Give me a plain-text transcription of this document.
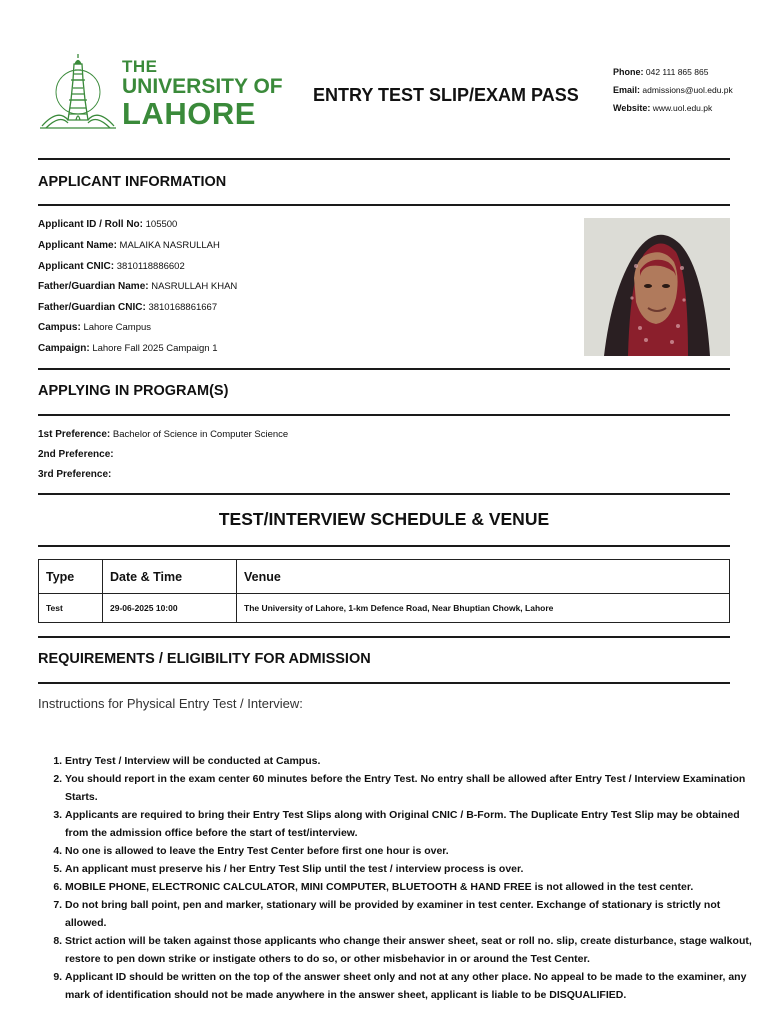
THE
UNIVERSITY OF
LAHORE
ENTRY TEST SLIP/EXAM PASS
Phone: 042 111 865 865
Email: admissions@uol.edu.pk
Website: www.uol.edu.pk
APPLICANT INFORMATION
Applicant ID / Roll No: 105500
Applicant Name: MALAIKA NASRULLAH
Applicant CNIC: 3810118886602
Father/Guardian Name: NASRULLAH KHAN
Father/Guardian CNIC: 3810168861667
Campus: Lahore Campus
Campaign: Lahore Fall 2025 Campaign 1
APPLYING IN PROGRAM(S)
1st Preference: Bachelor of Science in Computer Science
2nd Preference:
3rd Preference:
TEST/INTERVIEW SCHEDULE & VENUE
Type	Date & Time	Venue
Test	29-06-2025 10:00	The University of Lahore, 1-km Defence Road, Near Bhuptian Chowk, Lahore
REQUIREMENTS / ELIGIBILITY FOR ADMISSION
Instructions for Physical Entry Test / Interview:
1. Entry Test / Interview will be conducted at Campus.
2. You should report in the exam center 60 minutes before the Entry Test. No entry shall be allowed after Entry Test / Interview Examination Starts.
3. Applicants are required to bring their Entry Test Slips along with Original CNIC / B-Form. The Duplicate Entry Test Slip may be obtained from the admission office before the start of test/interview.
4. No one is allowed to leave the Entry Test Center before first one hour is over.
5. An applicant must preserve his / her Entry Test Slip until the test / interview process is over.
6. MOBILE PHONE, ELECTRONIC CALCULATOR, MINI COMPUTER, BLUETOOTH & HAND FREE is not allowed in the test center.
7. Do not bring ball point, pen and marker, stationary will be provided by examiner in test center. Exchange of stationary is strictly not allowed.
8. Strict action will be taken against those applicants who change their answer sheet, seat or roll no. slip, create disturbance, stage walkout, restore to pen down strike or instigate others to do so, or other misbehavior in or around the Test Center.
9. Applicant ID should be written on the top of the answer sheet only and not at any other place. No appeal to be made to the examiner, any mark of identification should not be made anywhere in the answer sheet, applicant is liable to be DISQUALIFIED.
